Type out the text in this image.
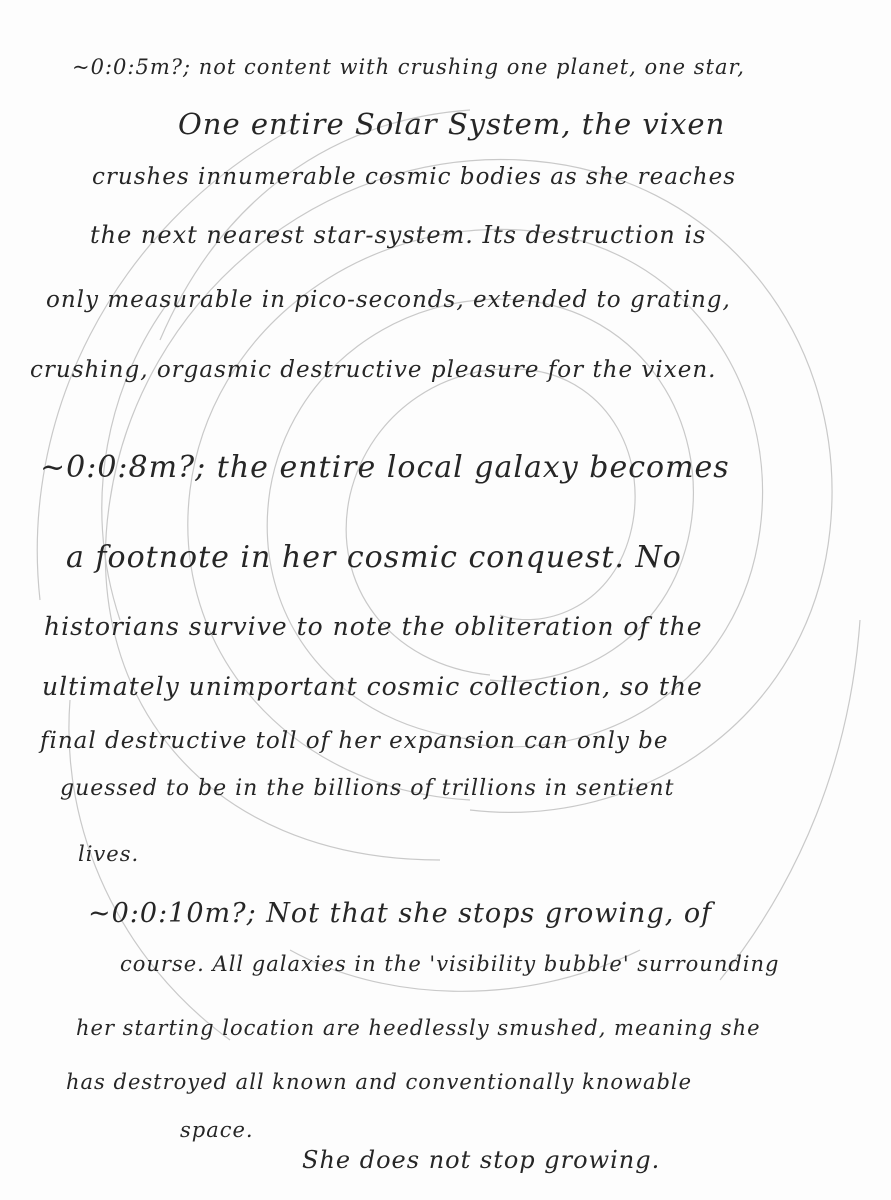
~0:0:5m?; not content with crushing one planet, one star,
One entire Solar System, the vixen
crushes innumerable cosmic bodies as she reaches
the next nearest star-system. Its destruction is
only measurable in pico-seconds, extended to grating,
crushing, orgasmic destructive pleasure for the vixen.
~0:0:8m?; the entire local galaxy becomes
a footnote in her cosmic conquest. No
historians survive to note the obliteration of the
ultimately unimportant cosmic collection, so the
final destructive toll of her expansion can only be
guessed to be in the billions of trillions in sentient
lives.
~0:0:10m?; Not that she stops growing, of
course. All galaxies in the 'visibility bubble' surrounding
her starting location are heedlessly smushed, meaning she
has destroyed all known and conventionally knowable
space.
She does not stop growing.
